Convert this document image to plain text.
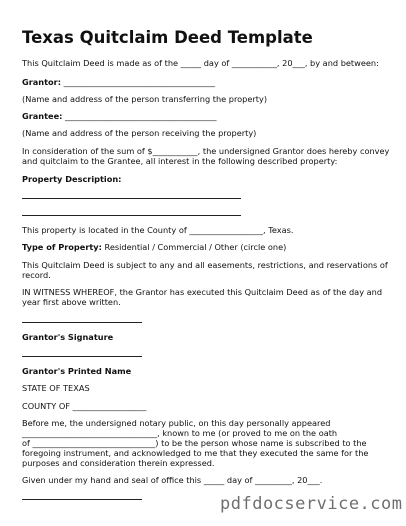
Texas Quitclaim Deed Template
This Quitclaim Deed is made as of the _____ day of ___________, 20___, by and between:
Grantor: _____________________________________
(Name and address of the person transferring the property)
Grantee: _____________________________________
(Name and address of the person receiving the property)
In consideration of the sum of $___________, the undersigned Grantor does hereby convey
and quitclaim to the Grantee, all interest in the following described property:
Property Description:
This property is located in the County of __________________, Texas.
Type of Property: Residential / Commercial / Other (circle one)
This Quitclaim Deed is subject to any and all easements, restrictions, and reservations of
record.
IN WITNESS WHEREOF, the Grantor has executed this Quitclaim Deed as of the day and
year first above written.
Grantor's Signature
Grantor's Printed Name
STATE OF TEXAS
COUNTY OF __________________
Before me, the undersigned notary public, on this day personally appeared
_________________________________, known to me (or proved to me on the oath
of ______________________________) to be the person whose name is subscribed to the
foregoing instrument, and acknowledged to me that they executed the same for the
purposes and consideration therein expressed.
Given under my hand and seal of office this _____ day of _________, 20___.
pdfdocservice.com
